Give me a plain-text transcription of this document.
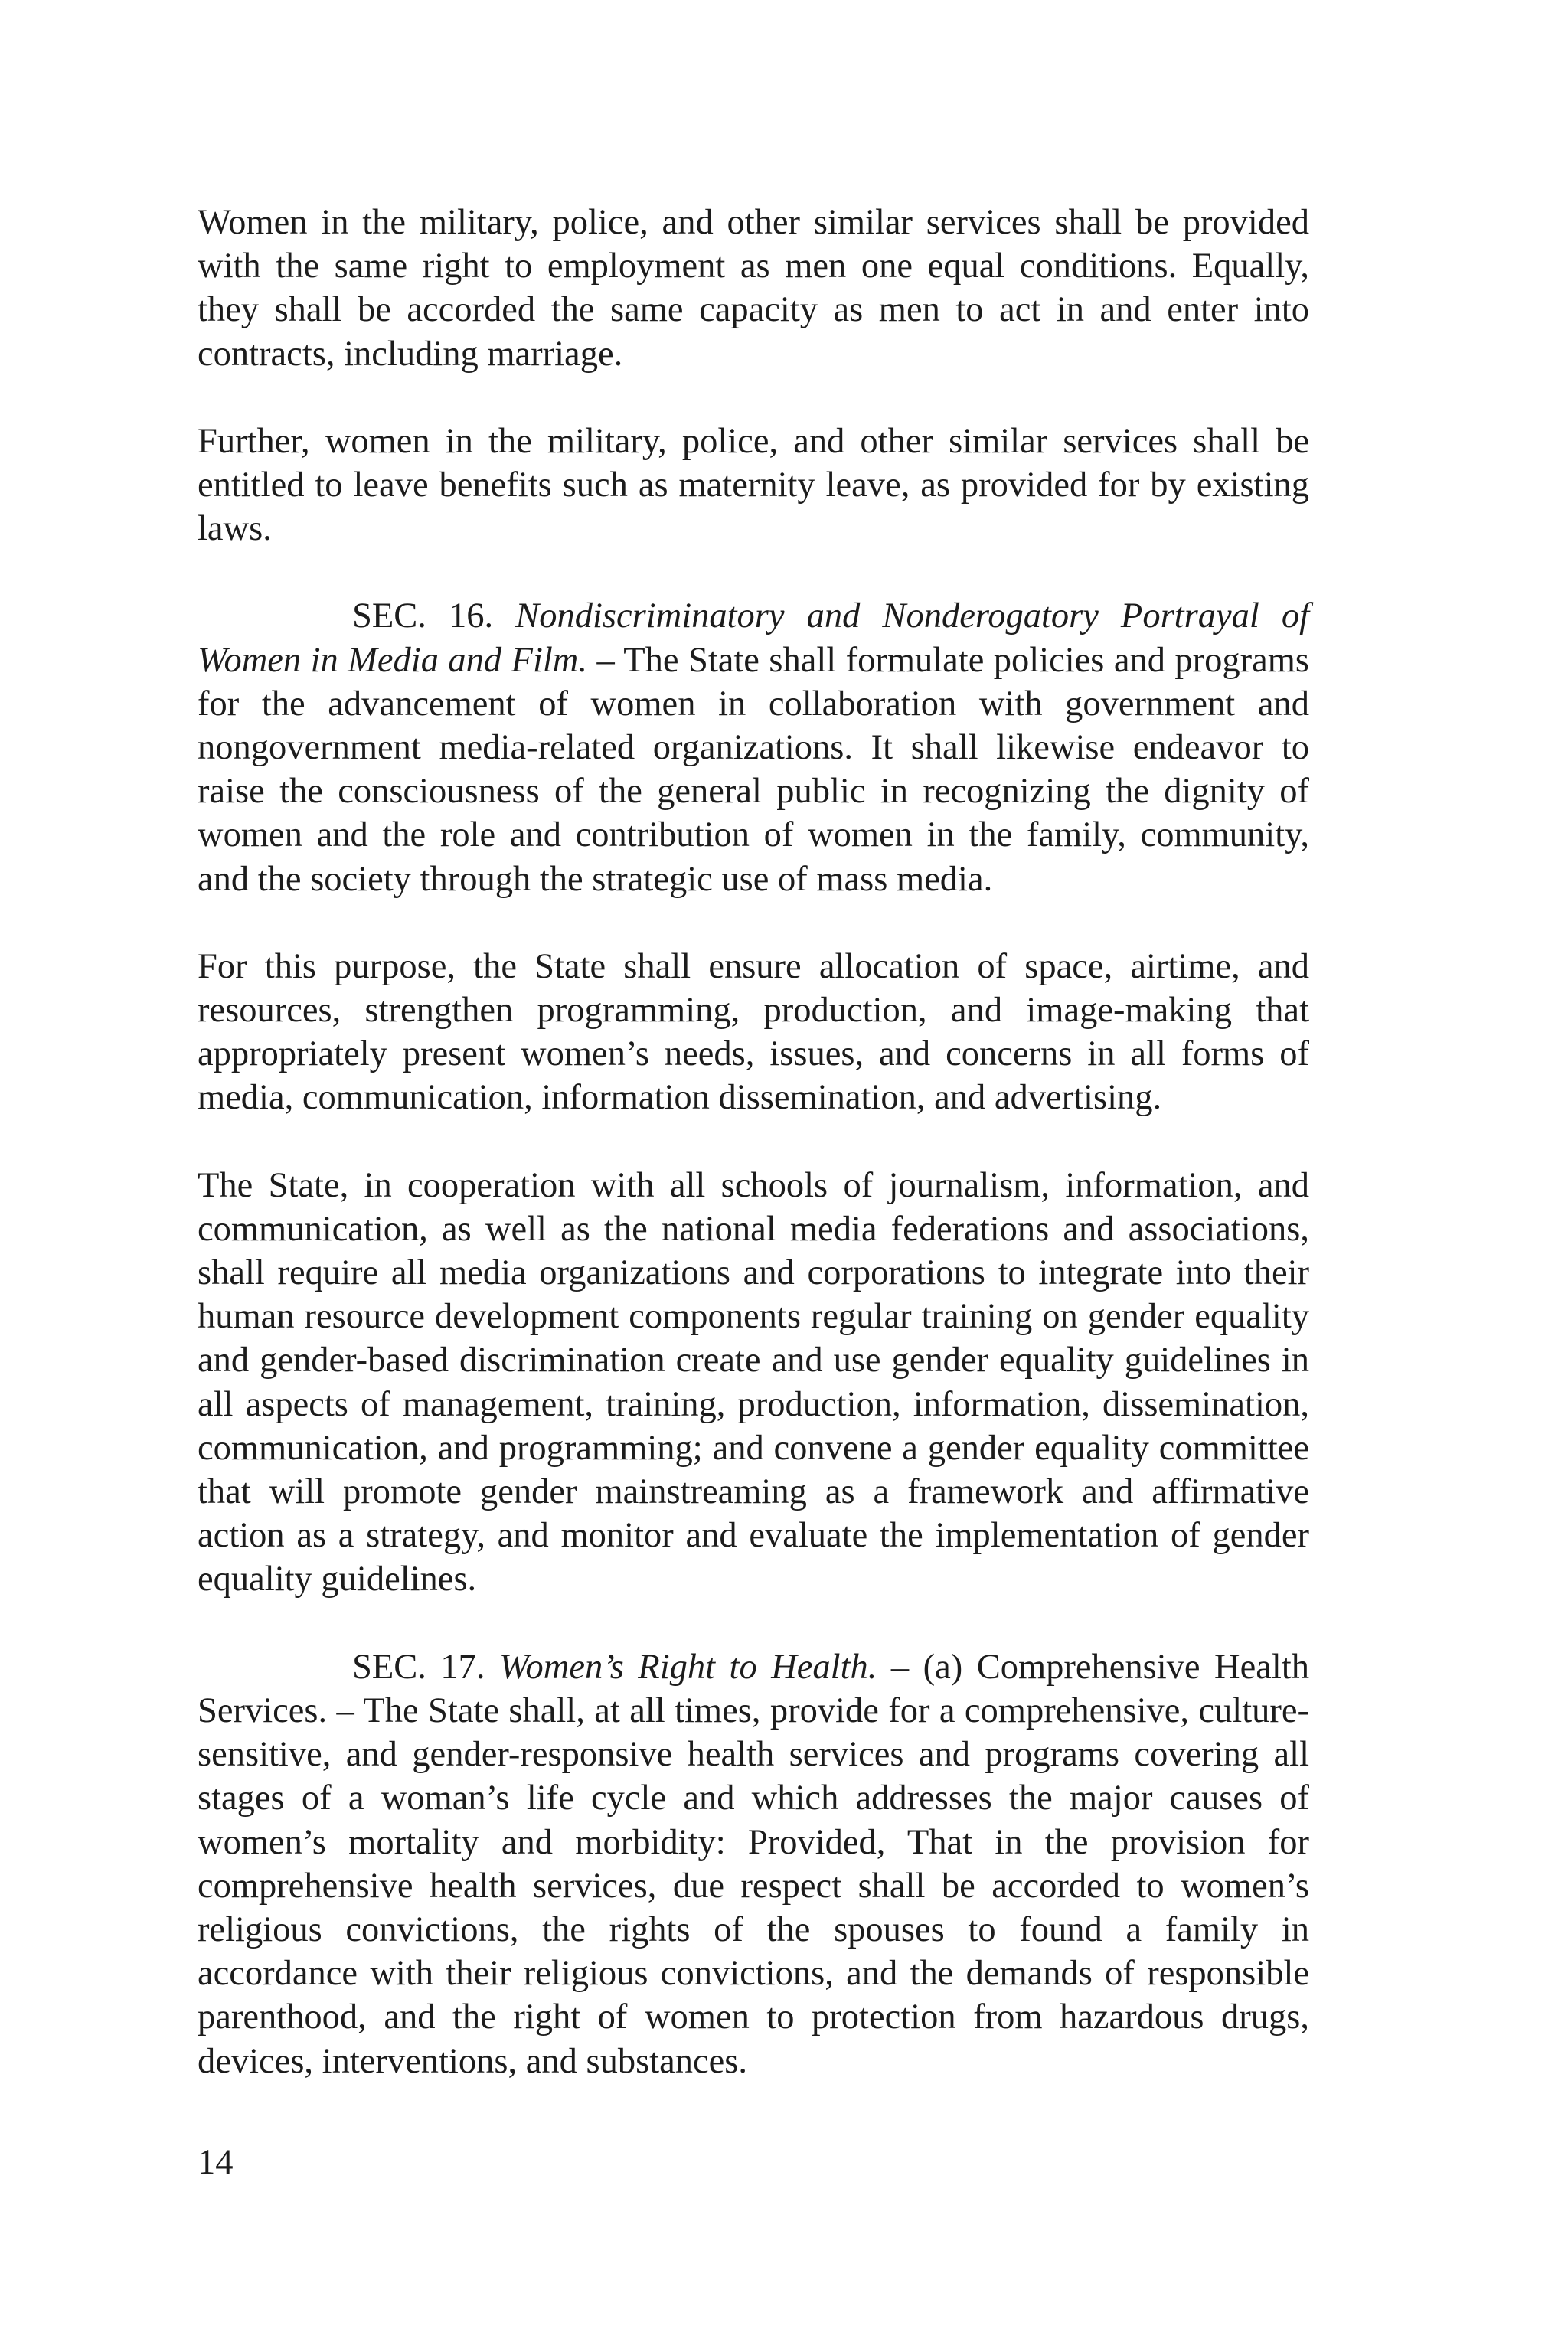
Women in the military, police, and other similar services shall be provided with the same right to employment as men one equal conditions. Equally, they shall be accorded the same capacity as men to act in and enter into contracts, including marriage.

Further, women in the military, police, and other similar services shall be entitled to leave benefits such as maternity leave, as provided for by existing laws.

SEC. 16. Nondiscriminatory and Nonderogatory Portrayal of Women in Media and Film. – The State shall formulate policies and programs for the advancement of women in collaboration with government and nongovernment media-related organizations. It shall likewise endeavor to raise the consciousness of the general public in recognizing the dignity of women and the role and contribution of women in the family, community, and the society through the strategic use of mass media.

For this purpose, the State shall ensure allocation of space, airtime, and resources, strengthen programming, production, and image-making that appropriately present women’s needs, issues, and concerns in all forms of media, communication, information dissemination, and advertising.

The State, in cooperation with all schools of journalism, information, and communication, as well as the national media federations and associations, shall require all media organizations and corporations to integrate into their human resource development components regular training on gender equality and gender-based discrimination create and use gender equality guidelines in all aspects of management, training, production, information, dissemination, communication, and programming; and convene a gender equality committee that will promote gender mainstreaming as a framework and affirmative action as a strategy, and monitor and evaluate the implementation of gender equality guidelines.

SEC. 17. Women’s Right to Health. – (a) Comprehensive Health Services. – The State shall, at all times, provide for a comprehensive, culture-sensitive, and gender-responsive health services and programs covering all stages of a woman’s life cycle and which addresses the major causes of women’s mortality and morbidity: Provided, That in the provision for comprehensive health services, due respect shall be accorded to women’s religious convictions, the rights of the spouses to found a family in accordance with their religious convictions, and the demands of responsible parenthood, and the right of women to protection from hazardous drugs, devices, interventions, and substances.

14
